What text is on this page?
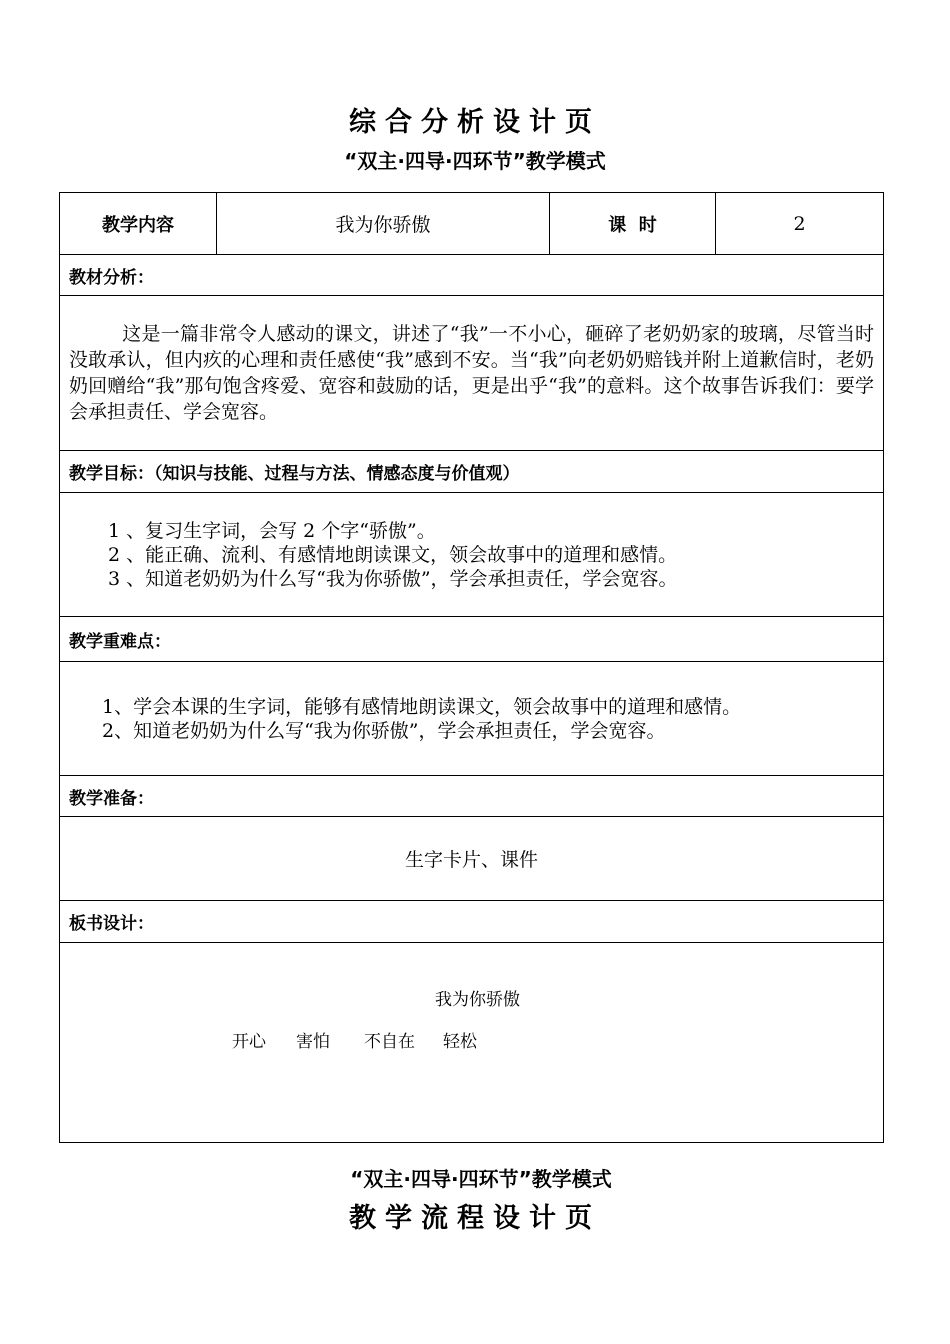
综合分析设计页
“双主·四导·四环节”教学模式
教学内容	我为你骄傲	课  时	2
教材分析：

这是一篇非常令人感动的课文，讲述了“我”一不小心，砸碎了老奶奶家的玻璃，尽管当时没敢承认，但内疚的心理和责任感使“我”感到不安。当“我”向老奶奶赔钱并附上道歉信时，老奶奶回赠给“我”那句饱含疼爱、宽容和鼓励的话，更是出乎“我”的意料。这个故事告诉我们：要学会承担责任、学会宽容。

教学目标：（知识与技能、过程与方法、情感态度与价值观）

1 、复习生字词，会写 2 个字“骄傲”。
2 、能正确、流利、有感情地朗读课文，领会故事中的道理和感情。
3 、知道老奶奶为什么写“我为你骄傲”，学会承担责任，学会宽容。

教学重难点：

1、学会本课的生字词，能够有感情地朗读课文，领会故事中的道理和感情。
2、知道老奶奶为什么写“我为你骄傲”，学会承担责任，学会宽容。

教学准备：
生字卡片、课件
板书设计：

我为你骄傲
开心 害怕 不自在 轻松
“双主·四导·四环节”教学模式
教学流程设计页
